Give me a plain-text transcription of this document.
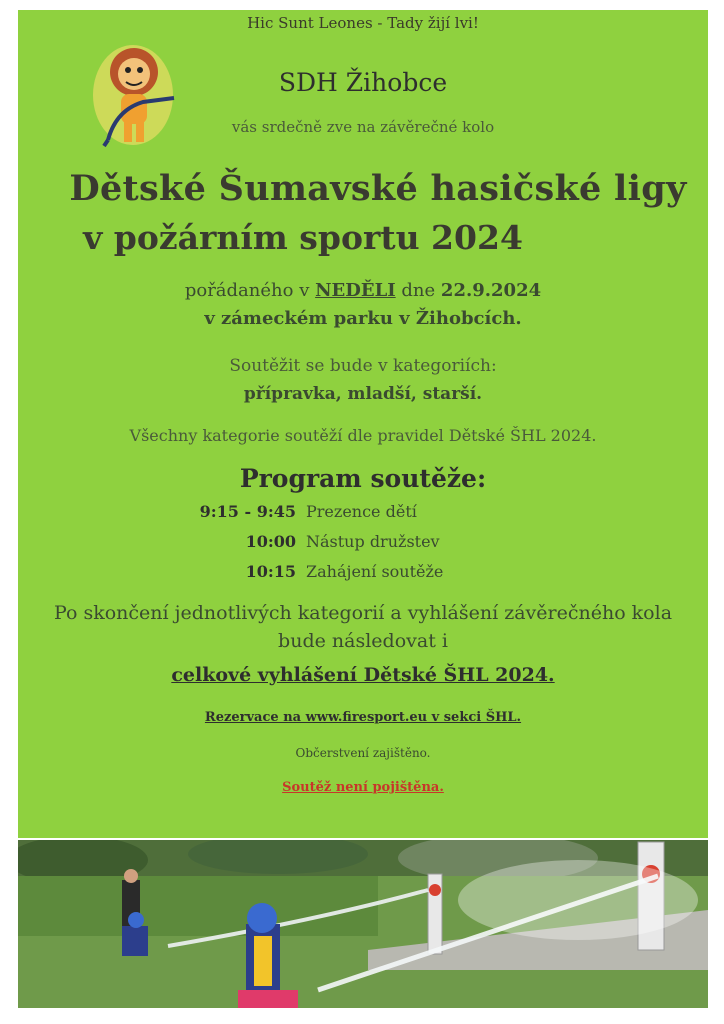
Hic Sunt Leones - Tady žijí lvi!
SDH Žihobce
vás srdečně zve na závěrečné kolo
Dětské Šumavské hasičské ligy
v požárním sportu 2024
pořádaného v NEDĚLI dne 22.9.2024
v zámeckém parku v Žihobcích.
Soutěžit se bude v kategoriích:
přípravka, mladší, starší.
Všechny kategorie soutěží dle pravidel Dětské ŠHL 2024.
Program soutěže:
9:15 - 9:45 Prezence dětí
10:00 Nástup družstev
10:15 Zahájení soutěže
Po skončení jednotlivých kategorií a vyhlášení závěrečného kola
bude následovat i
celkové vyhlášení Dětské ŠHL 2024.
Rezervace na www.firesport.eu v sekci ŠHL.
Občerstvení zajištěno.
Soutěž není pojištěna.
